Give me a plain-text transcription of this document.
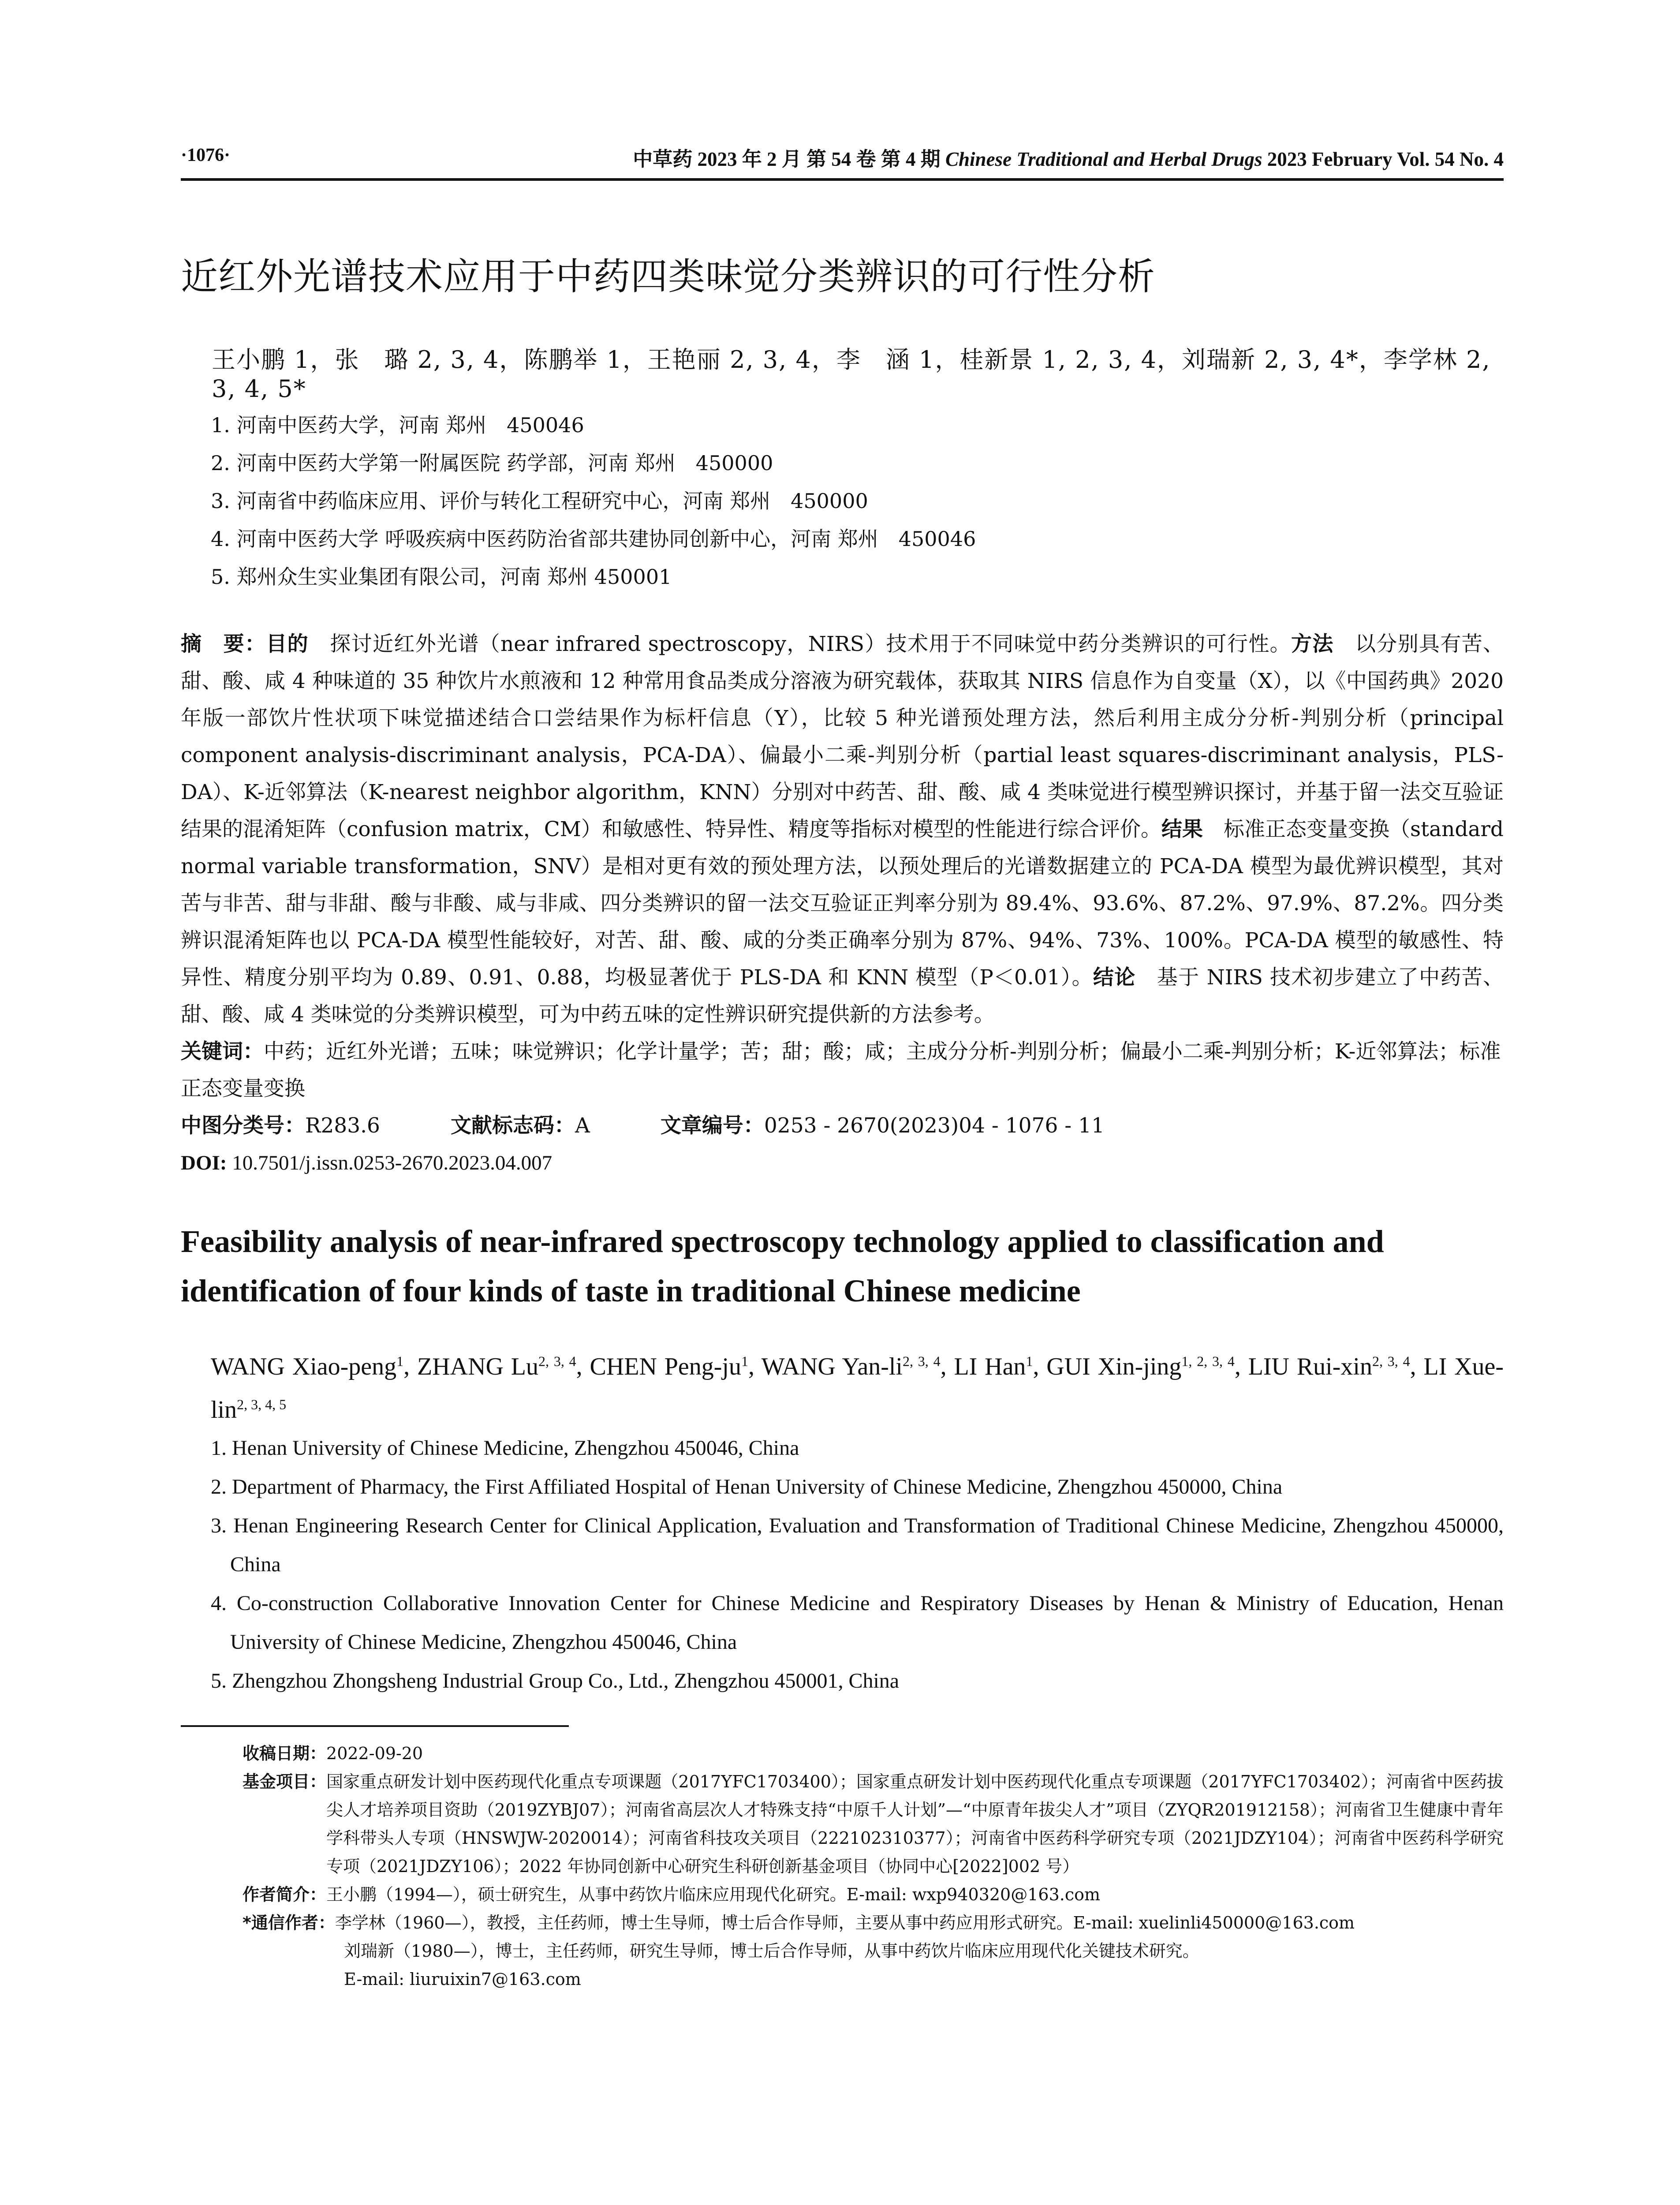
·1076·	中草药 2023 年 2 月 第 54 卷 第 4 期 Chinese Traditional and Herbal Drugs 2023 February Vol. 54 No. 4
近红外光谱技术应用于中药四类味觉分类辨识的可行性分析
王小鹏 1，张　璐 2, 3, 4，陈鹏举 1，王艳丽 2, 3, 4，李　涵 1，桂新景 1, 2, 3, 4，刘瑞新 2, 3, 4*，李学林 2, 3, 4, 5*
1. 河南中医药大学，河南 郑州　450046
2. 河南中医药大学第一附属医院 药学部，河南 郑州　450000
3. 河南省中药临床应用、评价与转化工程研究中心，河南 郑州　450000
4. 河南中医药大学 呼吸疾病中医药防治省部共建协同创新中心，河南 郑州　450046
5. 郑州众生实业集团有限公司，河南 郑州 450001
摘　要：目的　探讨近红外光谱（near infrared spectroscopy，NIRS）技术用于不同味觉中药分类辨识的可行性。方法　以分别具有苦、甜、酸、咸 4 种味道的 35 种饮片水煎液和 12 种常用食品类成分溶液为研究载体，获取其 NIRS 信息作为自变量（X），以《中国药典》2020 年版一部饮片性状项下味觉描述结合口尝结果作为标杆信息（Y），比较 5 种光谱预处理方法，然后利用主成分分析-判别分析（principal component analysis-discriminant analysis，PCA-DA）、偏最小二乘-判别分析（partial least squares-discriminant analysis，PLS-DA）、K-近邻算法（K-nearest neighbor algorithm，KNN）分别对中药苦、甜、酸、咸 4 类味觉进行模型辨识探讨，并基于留一法交互验证结果的混淆矩阵（confusion matrix，CM）和敏感性、特异性、精度等指标对模型的性能进行综合评价。结果　标准正态变量变换（standard normal variable transformation，SNV）是相对更有效的预处理方法，以预处理后的光谱数据建立的 PCA-DA 模型为最优辨识模型，其对苦与非苦、甜与非甜、酸与非酸、咸与非咸、四分类辨识的留一法交互验证正判率分别为 89.4%、93.6%、87.2%、97.9%、87.2%。四分类辨识混淆矩阵也以 PCA-DA 模型性能较好，对苦、甜、酸、咸的分类正确率分别为 87%、94%、73%、100%。PCA-DA 模型的敏感性、特异性、精度分别平均为 0.89、0.91、0.88，均极显著优于 PLS-DA 和 KNN 模型（P＜0.01）。结论　基于 NIRS 技术初步建立了中药苦、甜、酸、咸 4 类味觉的分类辨识模型，可为中药五味的定性辨识研究提供新的方法参考。
关键词：中药；近红外光谱；五味；味觉辨识；化学计量学；苦；甜；酸；咸；主成分分析-判别分析；偏最小二乘-判别分析；K-近邻算法；标准正态变量变换
中图分类号：R283.6	文献标志码：A	文章编号：0253 - 2670(2023)04 - 1076 - 11
DOI: 10.7501/j.issn.0253-2670.2023.04.007
Feasibility analysis of near-infrared spectroscopy technology applied to classification and identification of four kinds of taste in traditional Chinese medicine
WANG Xiao-peng$^1$, ZHANG Lu$^{2, 3, 4}$, CHEN Peng-$ju^1$, WANG Yan-li$^{2, 3, 4}$, LI Han$^1$, GUI Xin-jing$^{1, 2, 3, 4}$, LIU Rui-xin$^{2, 3, 4}$, LI Xue-lin$^{2, 3, 4, 5}$
1. Henan University of Chinese Medicine, Zhengzhou 450046, China
2. Department of Pharmacy, the First Affiliated Hospital of Henan University of Chinese Medicine, Zhengzhou 450000, China
3. Henan Engineering Research Center for Clinical Application, Evaluation and Transformation of Traditional Chinese Medicine, Zhengzhou 450000, China
4. Co-construction Collaborative Innovation Center for Chinese Medicine and Respiratory Diseases by Henan & Ministry of Education, Henan University of Chinese Medicine, Zhengzhou 450046, China
5. Zhengzhou Zhongsheng Industrial Group Co., Ltd., Zhengzhou 450001, China
收稿日期： 2022-09-20
基金项目： 国家重点研发计划中医药现代化重点专项课题（2017YFC1703400）；国家重点研发计划中医药现代化重点专项课题（2017YFC1703402）；河南省中医药拔尖人才培养项目资助（2019ZYBJ07）；河南省高层次人才特殊支持“中原千人计划”—“中原青年拔尖人才”项目（ZYQR201912158）；河南省卫生健康中青年学科带头人专项（HNSWJW-2020014）；河南省科技攻关项目（222102310377）；河南省中医药科学研究专项（2021JDZY104）；河南省中医药科学研究专项（2021JDZY106）；2022 年协同创新中心研究生科研创新基金项目（协同中心[2022]002 号）
作者简介： 王小鹏（1994—），硕士研究生，从事中药饮片临床应用现代化研究。E-mail: wxp940320@163.com
*通信作者： 李学林（1960—），教授，主任药师，博士生导师，博士后合作导师，主要从事中药应用形式研究。E-mail: xuelinli450000@163.com
刘瑞新（1980—），博士，主任药师，研究生导师，博士后合作导师，从事中药饮片临床应用现代化关键技术研究。
E-mail: liuruixin7@163.com
